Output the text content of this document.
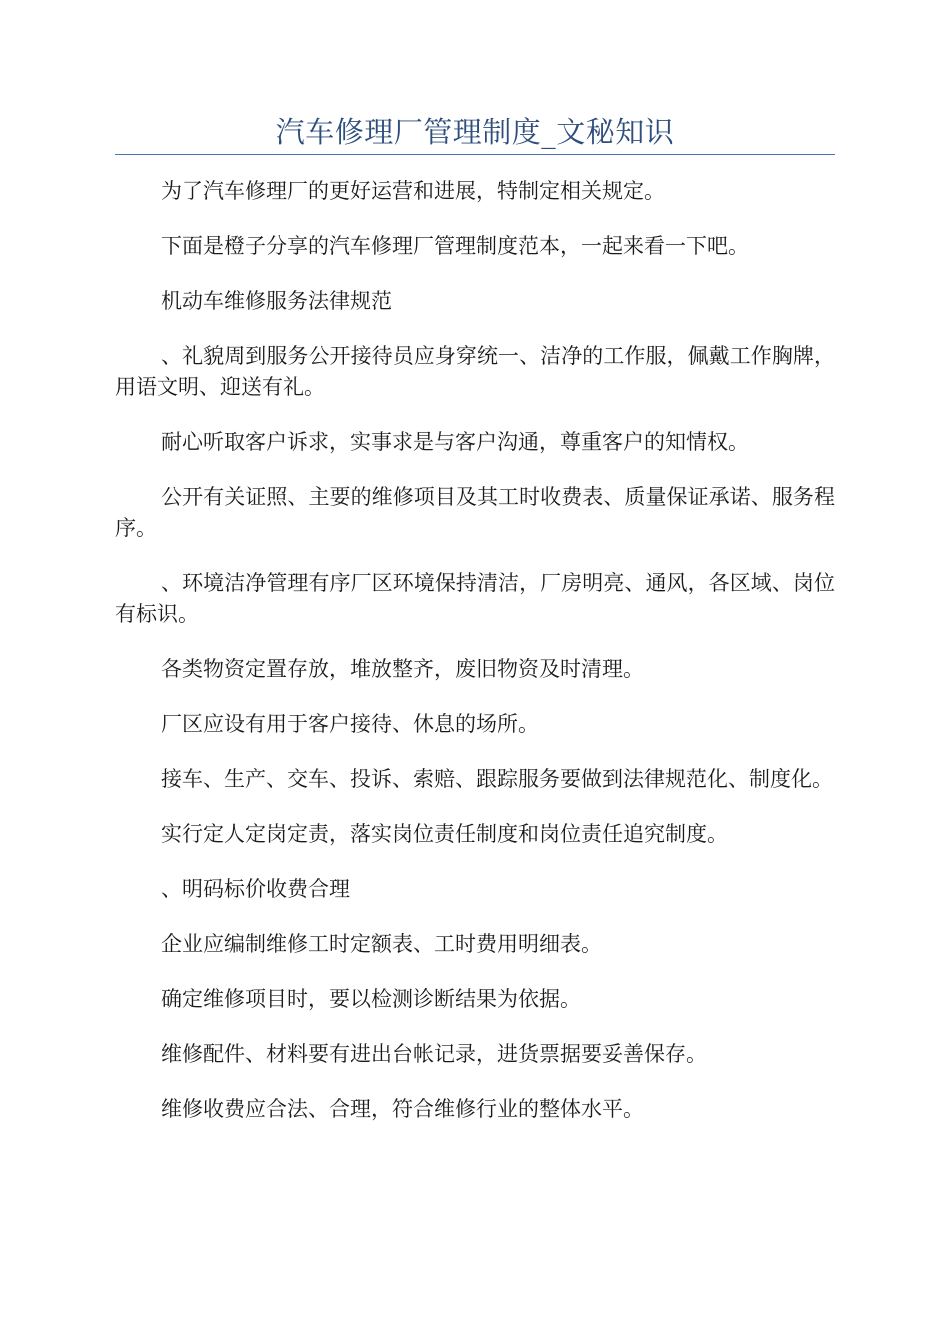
汽车修理厂管理制度_文秘知识

为了汽车修理厂的更好运营和进展，特制定相关规定。

下面是橙子分享的汽车修理厂管理制度范本，一起来看一下吧。

机动车维修服务法律规范

、礼貌周到服务公开接待员应身穿统一、洁净的工作服，佩戴工作胸牌，用语文明、迎送有礼。

耐心听取客户诉求，实事求是与客户沟通，尊重客户的知情权。

公开有关证照、主要的维修项目及其工时收费表、质量保证承诺、服务程序。

、环境洁净管理有序厂区环境保持清洁，厂房明亮、通风，各区域、岗位有标识。

各类物资定置存放，堆放整齐，废旧物资及时清理。

厂区应设有用于客户接待、休息的场所。

接车、生产、交车、投诉、索赔、跟踪服务要做到法律规范化、制度化。

实行定人定岗定责，落实岗位责任制度和岗位责任追究制度。

、明码标价收费合理

企业应编制维修工时定额表、工时费用明细表。

确定维修项目时，要以检测诊断结果为依据。

维修配件、材料要有进出台帐记录，进货票据要妥善保存。

维修收费应合法、合理，符合维修行业的整体水平。
